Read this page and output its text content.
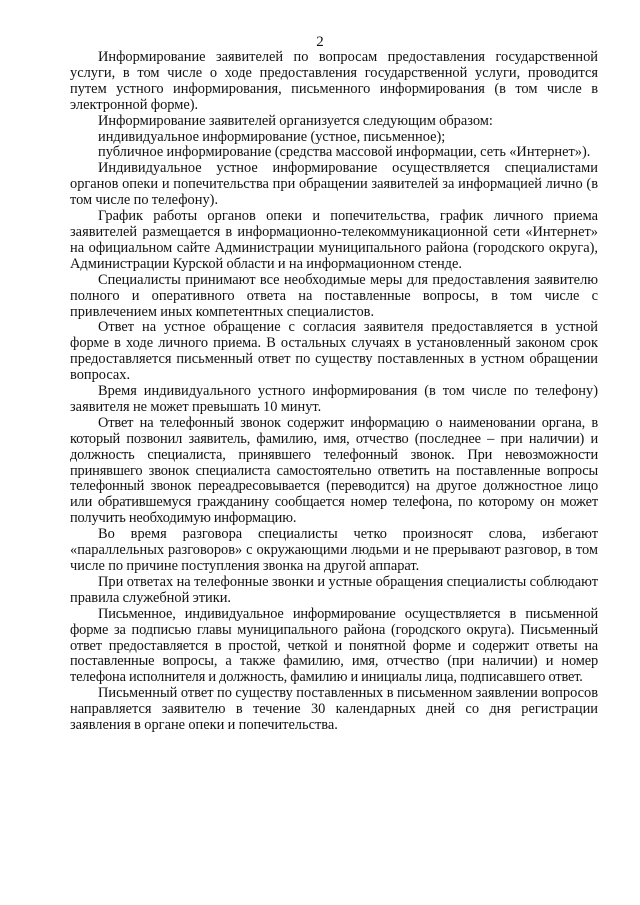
2

Информирование заявителей по вопросам предоставления государственной услуги, в том числе о ходе предоставления государственной услуги, проводится путем устного информирования, письменного информирования (в том числе в электронной форме).

Информирование заявителей организуется следующим образом:

индивидуальное информирование (устное, письменное);

публичное информирование (средства массовой информации, сеть «Интернет»).

Индивидуальное устное информирование осуществляется специалистами органов опеки и попечительства при обращении заявителей за информацией лично (в том числе по телефону).

График работы органов опеки и попечительства, график личного приема заявителей размещается в информационно-телекоммуникационной сети «Интернет» на официальном сайте Администрации муниципального района (городского округа), Администрации Курской области и на информационном стенде.

Специалисты принимают все необходимые меры для предоставления заявителю полного и оперативного ответа на поставленные вопросы, в том числе с привлечением иных компетентных специалистов.

Ответ на устное обращение с согласия заявителя предоставляется в устной форме в ходе личного приема. В остальных случаях в установленный законом срок предоставляется письменный ответ по существу поставленных в устном обращении вопросах.

Время индивидуального устного информирования (в том числе по телефону) заявителя не может превышать 10 минут.

Ответ на телефонный звонок содержит информацию о наименовании органа, в который позвонил заявитель, фамилию, имя, отчество (последнее – при наличии) и должность специалиста, принявшего телефонный звонок. При невозможности принявшего звонок специалиста самостоятельно ответить на поставленные вопросы телефонный звонок переадресовывается (переводится) на другое должностное лицо или обратившемуся гражданину сообщается номер телефона, по которому он может получить необходимую информацию.

Во время разговора специалисты четко произносят слова, избегают «параллельных разговоров» с окружающими людьми и не прерывают разговор, в том числе по причине поступления звонка на другой аппарат.

При ответах на телефонные звонки и устные обращения специалисты соблюдают правила служебной этики.

Письменное, индивидуальное информирование осуществляется в письменной форме за подписью главы муниципального района (городского округа). Письменный ответ предоставляется в простой, четкой и понятной форме и содержит ответы на поставленные вопросы, а также фамилию, имя, отчество (при наличии) и номер телефона исполнителя и должность, фамилию и инициалы лица, подписавшего ответ.

Письменный ответ по существу поставленных в письменном заявлении вопросов направляется заявителю в течение 30 календарных дней со дня регистрации заявления в органе опеки и попечительства.
